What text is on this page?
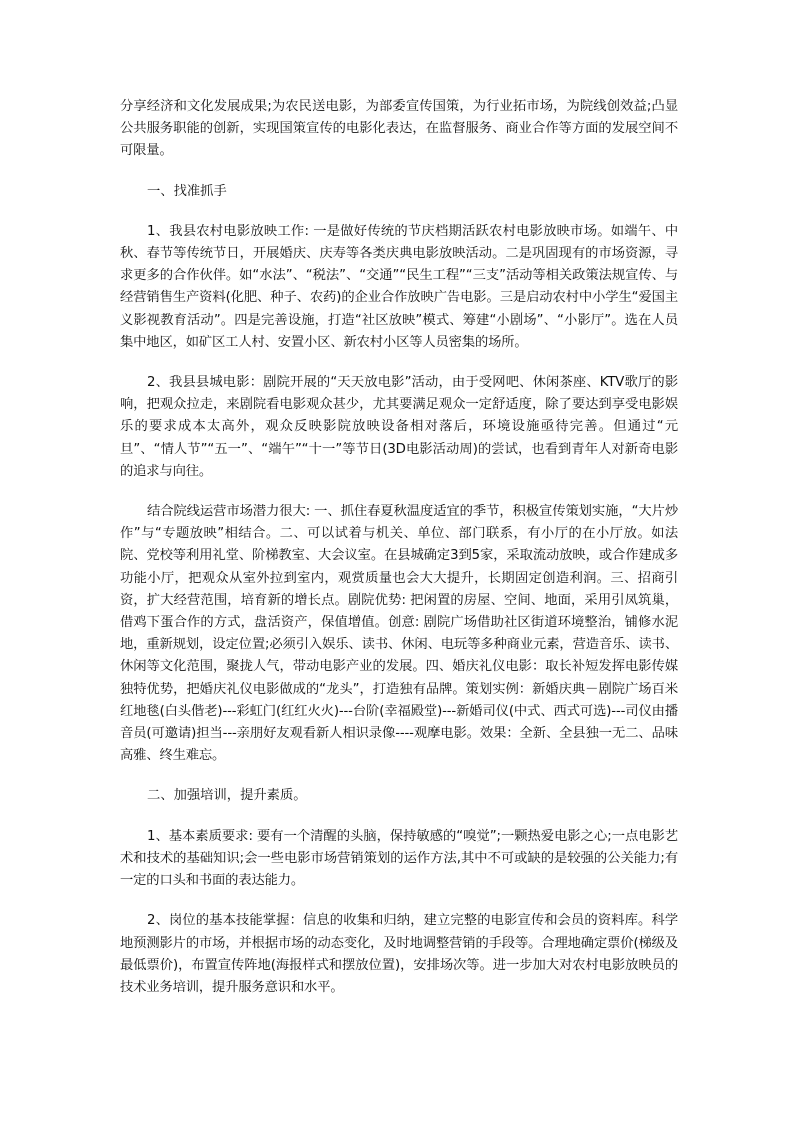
分享经济和文化发展成果;为农民送电影，为部委宣传国策，为行业拓市场，为院线创效益;凸显公共服务职能的创新，实现国策宣传的电影化表达，在监督服务、商业合作等方面的发展空间不可限量。

一、找准抓手

1、我县农村电影放映工作: 一是做好传统的节庆档期活跃农村电影放映市场。如端午、中秋、春节等传统节日，开展婚庆、庆寿等各类庆典电影放映活动。二是巩固现有的市场资源，寻求更多的合作伙伴。如“水法”、“税法”、“交通”“民生工程”“三支”活动等相关政策法规宣传、与经营销售生产资料(化肥、种子、农药)的企业合作放映广告电影。三是启动农村中小学生“爱国主义影视教育活动”。四是完善设施，打造“社区放映”模式、筹建“小剧场”、“小影厅”。选在人员集中地区，如矿区工人村、安置小区、新农村小区等人员密集的场所。

2、我县县城电影：剧院开展的“天天放电影”活动，由于受网吧、休闲茶座、KTV歌厅的影响，把观众拉走，来剧院看电影观众甚少，尤其要满足观众一定舒适度，除了要达到享受电影娱乐的要求成本太高外，观众反映影院放映设备相对落后，环境设施亟待完善。但通过“元旦”、“情人节”“五一”、“端午”“十一”等节日(3D电影活动周)的尝试，也看到青年人对新奇电影的追求与向往。

结合院线运营市场潜力很大: 一、抓住春夏秋温度适宜的季节，积极宣传策划实施，“大片炒作”与“专题放映”相结合。二、可以试着与机关、单位、部门联系，有小厅的在小厅放。如法院、党校等利用礼堂、阶梯教室、大会议室。在县城确定3到5家，采取流动放映，或合作建成多功能小厅，把观众从室外拉到室内，观赏质量也会大大提升，长期固定创造利润。三、招商引资，扩大经营范围，培育新的增长点。剧院优势: 把闲置的房屋、空间、地面，采用引凤筑巢，借鸡下蛋合作的方式，盘活资产，保值增值。创意: 剧院广场借助社区街道环境整治，铺修水泥地，重新规划，设定位置;必须引入娱乐、读书、休闲、电玩等多种商业元素，营造音乐、读书、休闲等文化范围，聚拢人气，带动电影产业的发展。四、婚庆礼仪电影：取长补短发挥电影传媒独特优势，把婚庆礼仪电影做成的“龙头”，打造独有品牌。策划实例：新婚庆典－剧院广场百米红地毯(白头偕老)---彩虹门(红红火火)---台阶(幸福殿堂)---新婚司仪(中式、西式可选)---司仪由播音员(可邀请)担当---亲朋好友观看新人相识录像----观摩电影。效果：全新、全县独一无二、品味高雅、终生难忘。

二、加强培训，提升素质。

1、基本素质要求: 要有一个清醒的头脑，保持敏感的“嗅觉”;一颗热爱电影之心;一点电影艺术和技术的基础知识;会一些电影市场营销策划的运作方法,其中不可或缺的是较强的公关能力;有一定的口头和书面的表达能力。

2、岗位的基本技能掌握：信息的收集和归纳，建立完整的电影宣传和会员的资料库。科学地预测影片的市场，并根据市场的动态变化，及时地调整营销的手段等。合理地确定票价(梯级及最低票价)，布置宣传阵地(海报样式和摆放位置)，安排场次等。进一步加大对农村电影放映员的技术业务培训，提升服务意识和水平。
